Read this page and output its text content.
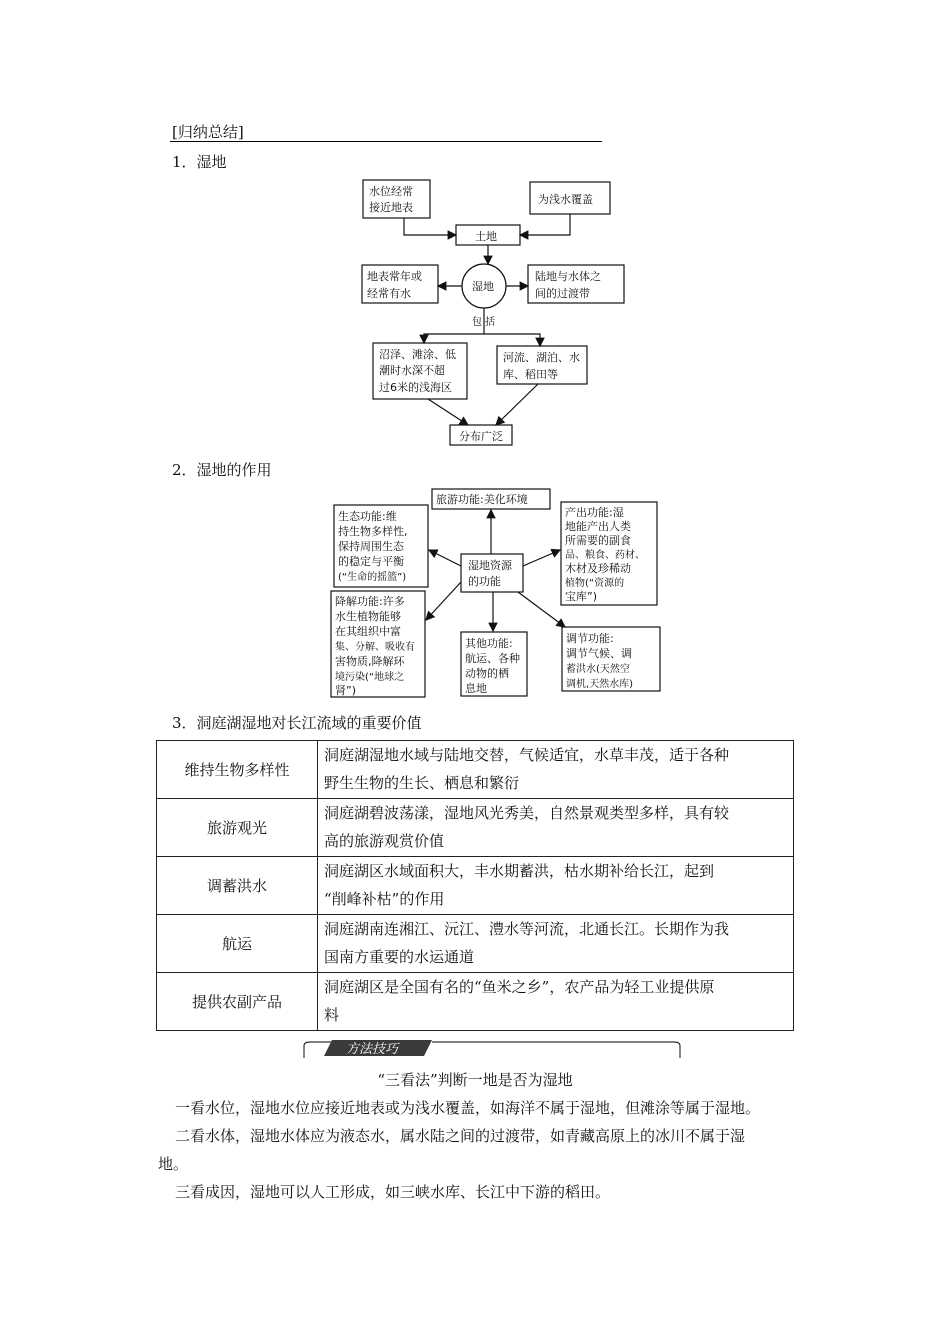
[归纳总结]
1．湿地
水位经常
接近地表
为浅水覆盖
土地
湿地
地表常年或
经常有水
陆地与水体之
间的过渡带
包 括
沼泽、滩涂、低
潮时水深不超
过6米的浅海区
河流、湖泊、水
库、稻田等
分布广泛
2．湿地的作用
旅游功能:美化环境
湿地资源
的功能
生态功能:维
持生物多样性,
保持周围生态
的稳定与平衡
(“生命的摇篮”)
产出功能:湿
地能产出人类
所需要的副食
品、粮食、药材、
木材及珍稀动
植物(“资源的
宝库”)
降解功能:许多
水生植物能够
在其组织中富
集、分解、吸收有
害物质,降解环
境污染(“地球之
肾”)
其他功能:
航运、各种
动物的栖
息地
调节功能:
调节气候、调
蓄洪水(天然空
调机,天然水库)
3．洞庭湖湿地对长江流域的重要价值
维持生物多样性	洞庭湖湿地水域与陆地交替，气候适宜，水草丰茂，适于各种
野生生物的生长、栖息和繁衍

旅游观光	洞庭湖碧波荡漾，湿地风光秀美，自然景观类型多样，具有较
高的旅游观赏价值

调蓄洪水	洞庭湖区水域面积大，丰水期蓄洪，枯水期补给长江，起到
“削峰补枯”的作用

航运	洞庭湖南连湘江、沅江、澧水等河流，北通长江。长期作为我
国南方重要的水运通道

提供农副产品	洞庭湖区是全国有名的“鱼米之乡”，农产品为轻工业提供原
料
方法技巧
“三看法”判断一地是否为湿地
一看水位，湿地水位应接近地表或为浅水覆盖，如海洋不属于湿地，但滩涂等属于湿地。
二看水体，湿地水体应为液态水，属水陆之间的过渡带，如青藏高原上的冰川不属于湿
地。
三看成因，湿地可以人工形成，如三峡水库、长江中下游的稻田。
